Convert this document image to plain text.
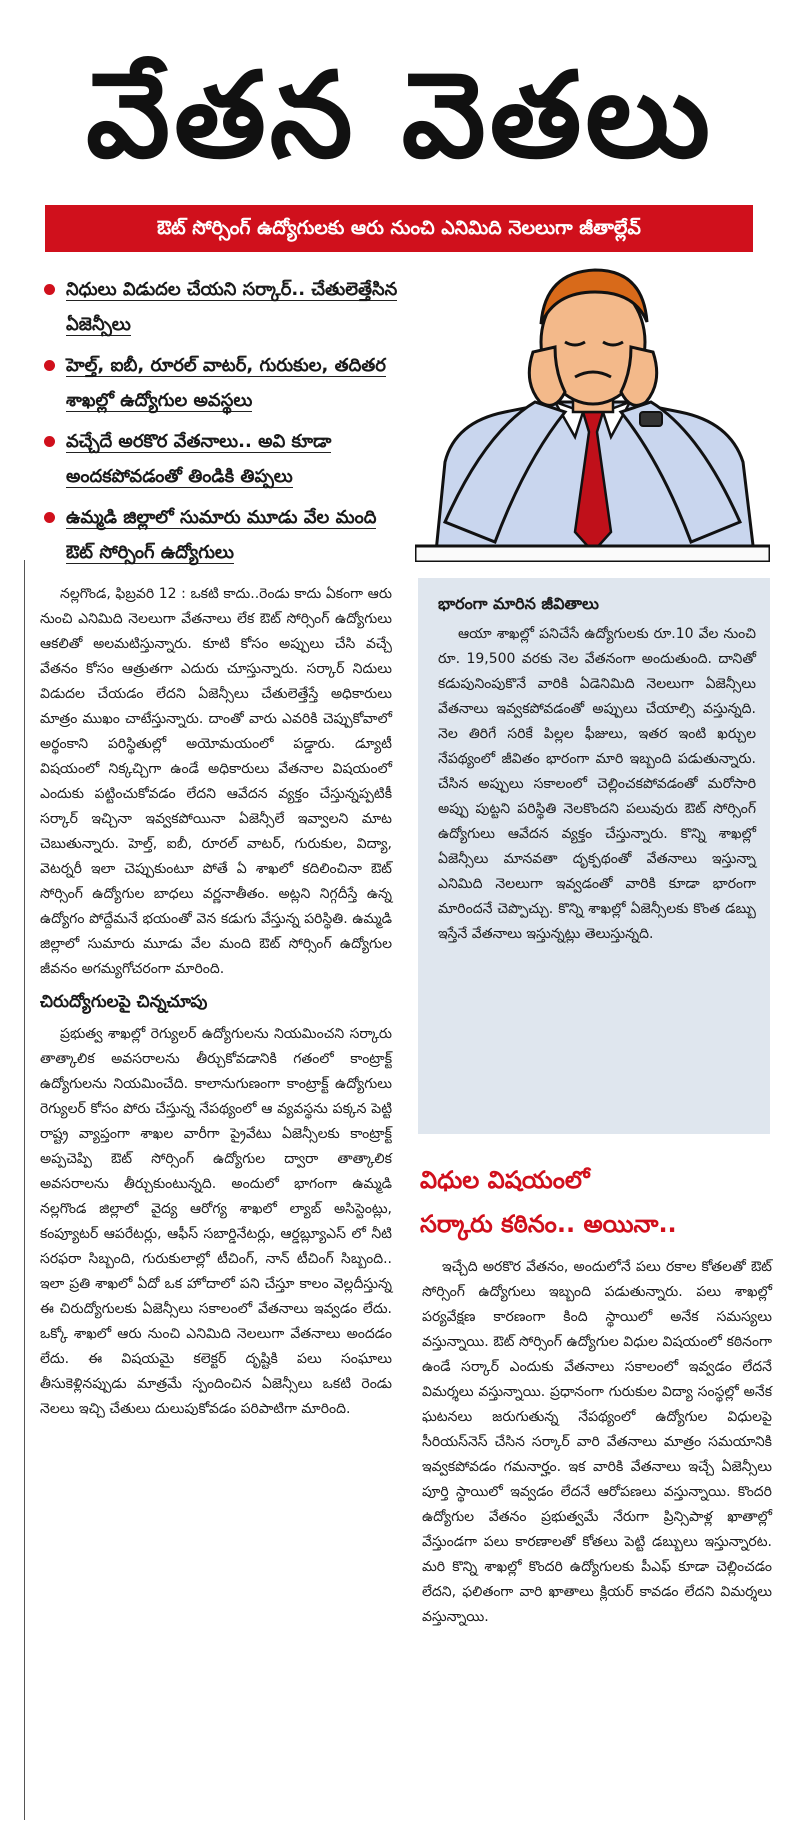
వేతన వెతలు
ఔట్ సోర్సింగ్ ఉద్యోగులకు ఆరు నుంచి ఎనిమిది నెలలుగా జీతాల్లేవ్
నిధులు విడుదల చేయని సర్కార్.. చేతులెత్తేసిన ఏజెన్సీలు
హెల్త్, ఐబీ, రూరల్ వాటర్, గురుకుల, తదితర శాఖల్లో ఉద్యోగుల అవస్థలు
వచ్చేదే అరకొర వేతనాలు.. అవి కూడా అందకపోవడంతో తిండికి తిప్పలు
ఉమ్మడి జిల్లాలో సుమారు మూడు వేల మంది ఔట్ సోర్సింగ్ ఉద్యోగులు

నల్లగొండ, ఫిబ్రవరి 12 : ఒకటి కాదు..రెండు కాదు ఏకంగా ఆరు నుంచి ఎనిమిది నెలలుగా వేతనాలు లేక ఔట్ సోర్సింగ్ ఉద్యోగులు ఆకలితో అలమటిస్తున్నారు. కూటి కోసం అప్పులు చేసి వచ్చే వేతనం కోసం ఆత్రుతగా ఎదురు చూస్తున్నారు. సర్కార్ నిదులు విడుదల చేయడం లేదని ఏజెన్సీలు చేతులెత్తేస్తే అధికారులు మాత్రం ముఖం చాటేస్తున్నారు. దాంతో వారు ఎవరికి చెప్పుకోవాలో అర్థంకాని పరిస్థితుల్లో అయోమయంలో పడ్డారు. డ్యూటీ విషయంలో నిక్కచ్చిగా ఉండే అధికారులు వేతనాల విషయంలో ఎందుకు పట్టించుకోవడం లేదని ఆవేదన వ్యక్తం చేస్తున్నప్పటికీ సర్కార్ ఇచ్చినా ఇవ్వకపోయినా ఏజెన్సీలే ఇవ్వాలని మాట చెబుతున్నారు. హెల్త్, ఐబీ, రూరల్ వాటర్, గురుకుల, విద్యా, వెటర్నరీ ఇలా చెప్పుకుంటూ పోతే ఏ శాఖలో కదిలించినా ఔట్ సోర్సింగ్ ఉద్యోగుల బాధలు వర్ణనాతీతం. అట్లని నిగ్గదీస్తే ఉన్న ఉద్యోగం పోద్దేమనే భయంతో వెన కడుగు వేస్తున్న పరిస్థితి. ఉమ్మడి జిల్లాలో సుమారు మూడు వేల మంది ఔట్ సోర్సింగ్ ఉద్యోగుల జీవనం అగమ్యగోచరంగా మారింది.

చిరుద్యోగులపై చిన్నచూపు

ప్రభుత్వ శాఖల్లో రెగ్యులర్ ఉద్యోగులను నియమించని సర్కారు తాత్కాలిక అవసరాలను తీర్చుకోవడానికి గతంలో కాంట్రాక్ట్ ఉద్యోగులను నియమించేది. కాలానుగుణంగా కాంట్రాక్ట్ ఉద్యోగులు రెగ్యులర్ కోసం పోరు చేస్తున్న నేపథ్యంలో ఆ వ్యవస్థను పక్కన పెట్టి రాష్ట్ర వ్యాప్తంగా శాఖల వారీగా ప్రైవేటు ఏజెన్సీలకు కాంట్రాక్ట్ అప్పచెప్పి ఔట్ సోర్సింగ్ ఉద్యోగుల ద్వారా తాత్కాలిక అవసరాలను తీర్చుకుంటున్నది. అందులో భాగంగా ఉమ్మడి నల్లగొండ జిల్లాలో వైద్య ఆరోగ్య శాఖలో ల్యాబ్ అసిస్టెంట్లు, కంప్యూటర్ ఆపరేటర్లు, ఆఫీస్ సబార్డినేటర్లు, ఆర్డబ్ల్యూఎస్ లో నీటి సరఫరా సిబ్బంది, గురుకులాల్లో టీచింగ్, నాన్ టీచింగ్ సిబ్బంది.. ఇలా ప్రతి శాఖలో ఏదో ఒక హోదాలో పని చేస్తూ కాలం వెల్లదీస్తున్న ఈ చిరుద్యోగులకు ఏజెన్సీలు సకాలంలో వేతనాలు ఇవ్వడం లేదు. ఒక్కో శాఖలో ఆరు నుంచి ఎనిమిది నెలలుగా వేతనాలు అందడం లేదు. ఈ విషయమై కలెక్టర్ దృష్టికి పలు సంఘాలు తీసుకెళ్లినప్పుడు మాత్రమే స్పందించిన ఏజెన్సీలు ఒకటి రెండు నెలలు ఇచ్చి చేతులు దులుపుకోవడం పరిపాటిగా మారింది.

భారంగా మారిన జీవితాలు

ఆయా శాఖల్లో పనిచేసే ఉద్యోగులకు రూ.10 వేల నుంచి రూ. 19,500 వరకు నెల వేతనంగా అందుతుంది. దానితో కడుపునింపుకొనే వారికి ఏడెనిమిది నెలలుగా ఏజెన్సీలు వేతనాలు ఇవ్వకపోవడంతో అప్పులు చేయాల్సి వస్తున్నది. నెల తిరిగే సరికే పిల్లల ఫీజులు, ఇతర ఇంటి ఖర్చుల నేపథ్యంలో జీవితం భారంగా మారి ఇబ్బంది పడుతున్నారు. చేసిన అప్పులు సకాలంలో చెల్లించకపోవడంతో మరోసారి అప్పు పుట్టని పరిస్థితి నెలకొందని పలువురు ఔట్ సోర్సింగ్ ఉద్యోగులు ఆవేదన వ్యక్తం చేస్తున్నారు. కొన్ని శాఖల్లో ఏజెన్సీలు మానవతా దృక్పథంతో వేతనాలు ఇస్తున్నా ఎనిమిది నెలలుగా ఇవ్వడంతో వారికి కూడా భారంగా మారిందనే చెప్పొచ్చు. కొన్ని శాఖల్లో ఏజెన్సీలకు కొంత డబ్బు ఇస్తేనే వేతనాలు ఇస్తున్నట్లు తెలుస్తున్నది.

విధుల విషయంలో
సర్కారు కఠినం.. అయినా..

ఇచ్చేది అరకొర వేతనం, అందులోనే పలు రకాల కోతలతో ఔట్ సోర్సింగ్ ఉద్యోగులు ఇబ్బంది పడుతున్నారు. పలు శాఖల్లో పర్యవేక్షణ కారణంగా కింది స్థాయిలో అనేక సమస్యలు వస్తున్నాయి. ఔట్ సోర్సింగ్ ఉద్యోగుల విధుల విషయంలో కఠినంగా ఉండే సర్కార్ ఎందుకు వేతనాలు సకాలంలో ఇవ్వడం లేదనే విమర్శలు వస్తున్నాయి. ప్రధానంగా గురుకుల విద్యా సంస్థల్లో అనేక ఘటనలు జరుగుతున్న నేపథ్యంలో ఉద్యోగుల విధులపై సీరియస్‌నెస్ చేసిన సర్కార్ వారి వేతనాలు మాత్రం సమయానికి ఇవ్వకపోవడం గమనార్హం. ఇక వారికి వేతనాలు ఇచ్చే ఏజెన్సీలు పూర్తి స్థాయిలో ఇవ్వడం లేదనే ఆరోపణలు వస్తున్నాయి. కొందరి ఉద్యోగుల వేతనం ప్రభుత్వమే నేరుగా ప్రిన్సిపాళ్ల ఖాతాల్లో వేస్తుండగా పలు కారణాలతో కోతలు పెట్టి డబ్బులు ఇస్తున్నారట. మరి కొన్ని శాఖల్లో కొందరి ఉద్యోగులకు పీఎఫ్ కూడా చెల్లించడం లేదని, ఫలితంగా వారి ఖాతాలు క్లియర్ కావడం లేదని విమర్శలు వస్తున్నాయి.
